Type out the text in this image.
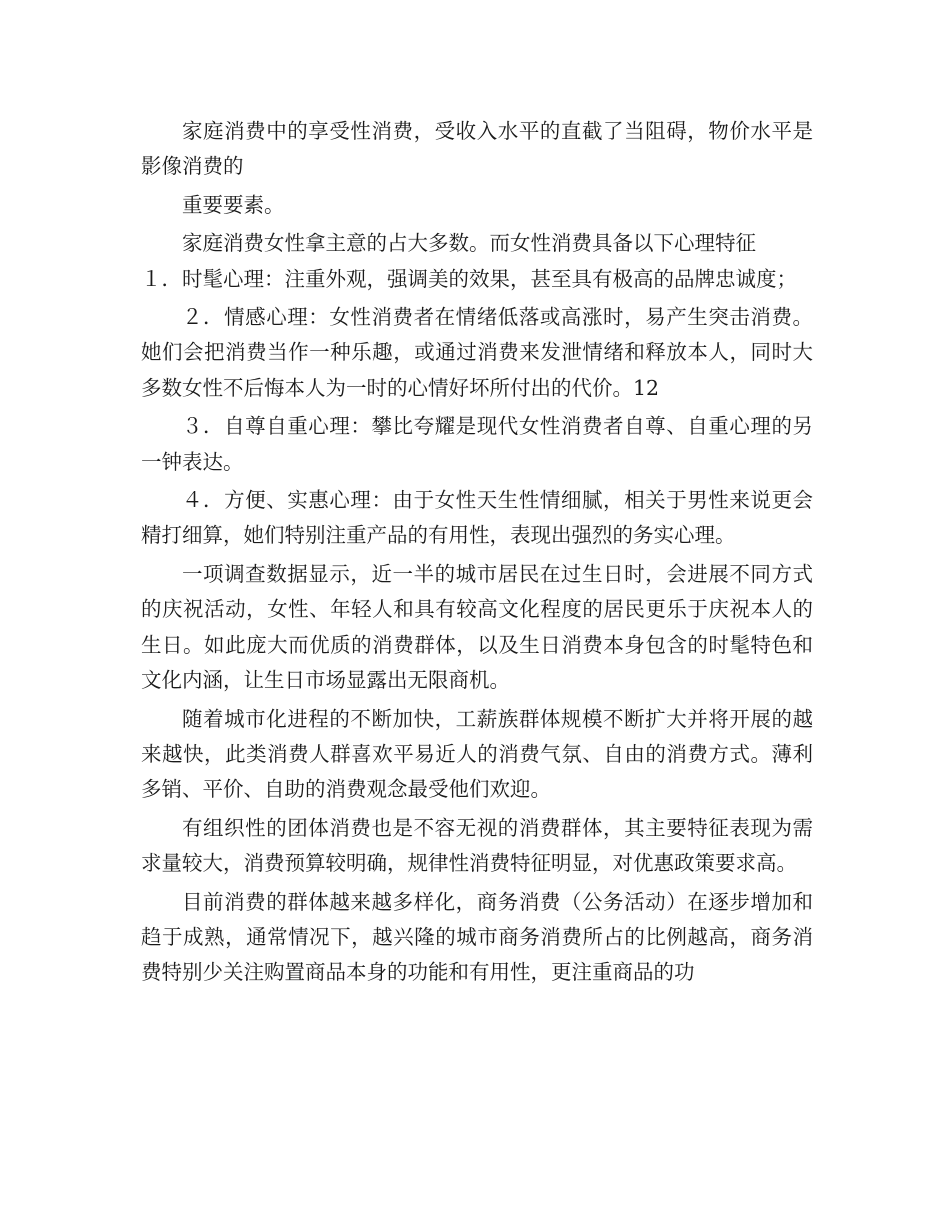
家庭消费中的享受性消费，受收入水平的直截了当阻碍，物价水平是影像消费的

重要要素。

家庭消费女性拿主意的占大多数。而女性消费具备以下心理特征

１．时髦心理：注重外观，强调美的效果，甚至具有极高的品牌忠诚度；

２．情感心理：女性消费者在情绪低落或高涨时，易产生突击消费。她们会把消费当作一种乐趣，或通过消费来发泄情绪和释放本人，同时大多数女性不后悔本人为一时的心情好坏所付出的代价。12

３．自尊自重心理：攀比夸耀是现代女性消费者自尊、自重心理的另一钟表达。

４．方便、实惠心理：由于女性天生性情细腻，相关于男性来说更会精打细算，她们特别注重产品的有用性，表现出强烈的务实心理。

一项调查数据显示，近一半的城市居民在过生日时，会进展不同方式的庆祝活动，女性、年轻人和具有较高文化程度的居民更乐于庆祝本人的生日。如此庞大而优质的消费群体，以及生日消费本身包含的时髦特色和文化内涵，让生日市场显露出无限商机。

随着城市化进程的不断加快，工薪族群体规模不断扩大并将开展的越来越快，此类消费人群喜欢平易近人的消费气氛、自由的消费方式。薄利多销、平价、自助的消费观念最受他们欢迎。

有组织性的团体消费也是不容无视的消费群体，其主要特征表现为需求量较大，消费预算较明确，规律性消费特征明显，对优惠政策要求高。

目前消费的群体越来越多样化，商务消费（公务活动）在逐步增加和趋于成熟，通常情况下，越兴隆的城市商务消费所占的比例越高，商务消费特别少关注购置商品本身的功能和有用性，更注重商品的功
